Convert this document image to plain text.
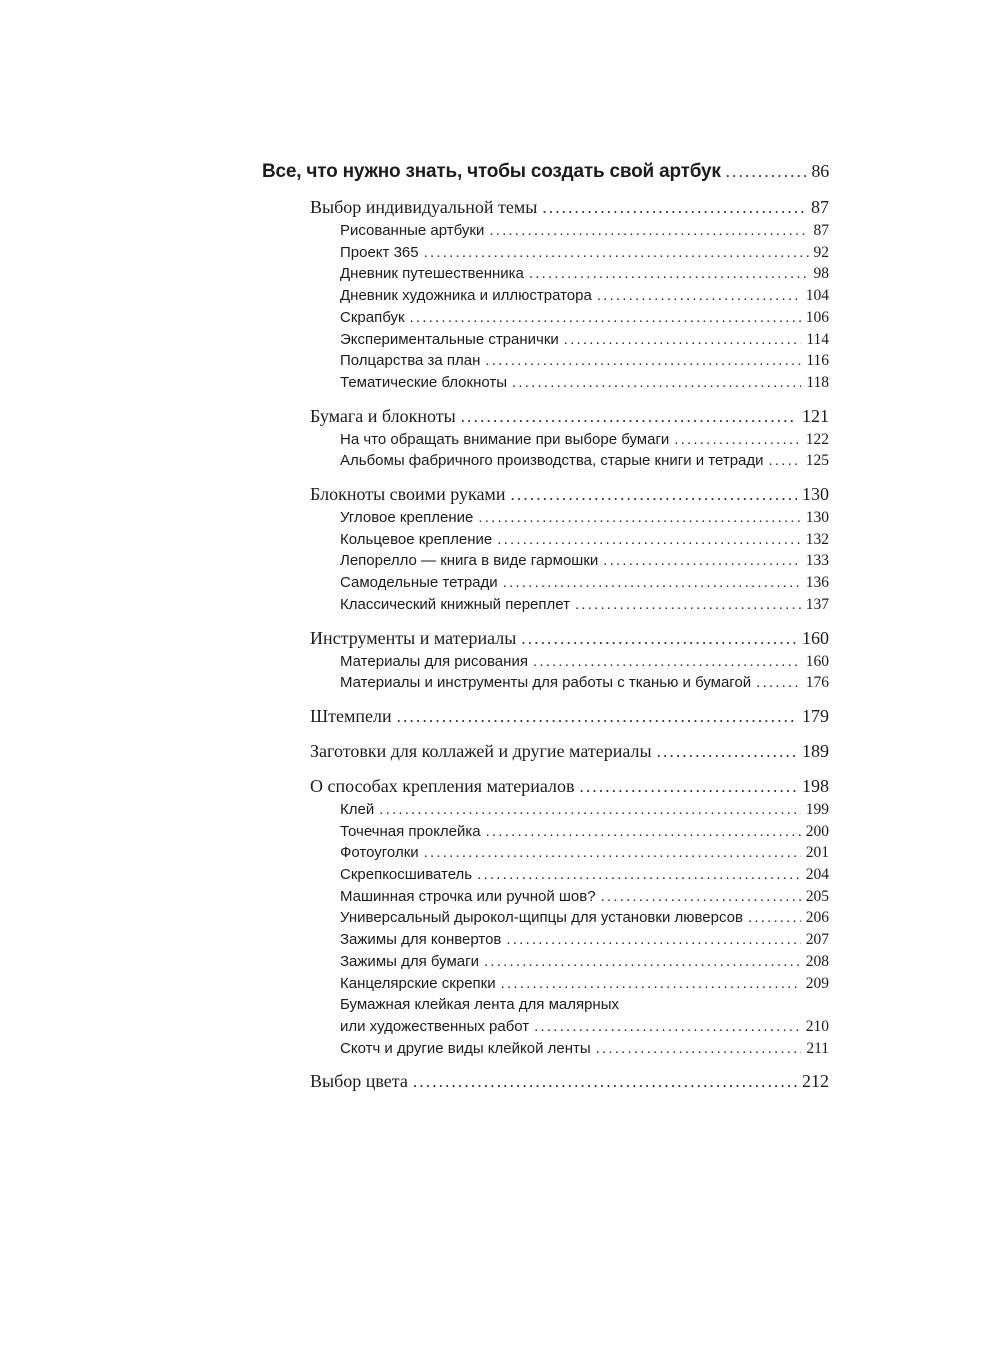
Все, что нужно знать, чтобы создать свой артбук .....	86
Выбор индивидуальной темы .....	87
Рисованные артбуки .....	87
Проект 365 .....	92
Дневник путешественника .....	98
Дневник художника и иллюстратора .....	104
Скрапбук .....	106
Экспериментальные странички .....	114
Полцарства за план .....	116
Тематические блокноты .....	118
Бумага и блокноты .....	121
На что обращать внимание при выборе бумаги .....	122
Альбомы фабричного производства, старые книги и тетради .....	125
Блокноты своими руками .....	130
Угловое крепление .....	130
Кольцевое крепление .....	132
Лепорелло — книга в виде гармошки .....	133
Самодельные тетради .....	136
Классический книжный переплет .....	137
Инструменты и материалы .....	160
Материалы для рисования .....	160
Материалы и инструменты для работы с тканью и бумагой .....	176
Штемпели .....	179
Заготовки для коллажей и другие материалы .....	189
О способах крепления материалов .....	198
Клей .....	199
Точечная проклейка .....	200
Фотоуголки .....	201
Скрепкосшиватель .....	204
Машинная строчка или ручной шов? .....	205
Универсальный дырокол-щипцы для установки люверсов .....	206
Зажимы для конвертов .....	207
Зажимы для бумаги .....	208
Канцелярские скрепки .....	209
Бумажная клейкая лента для малярных
или художественных работ .....	210
Скотч и другие виды клейкой ленты .....	211
Выбор цвета .....	212
